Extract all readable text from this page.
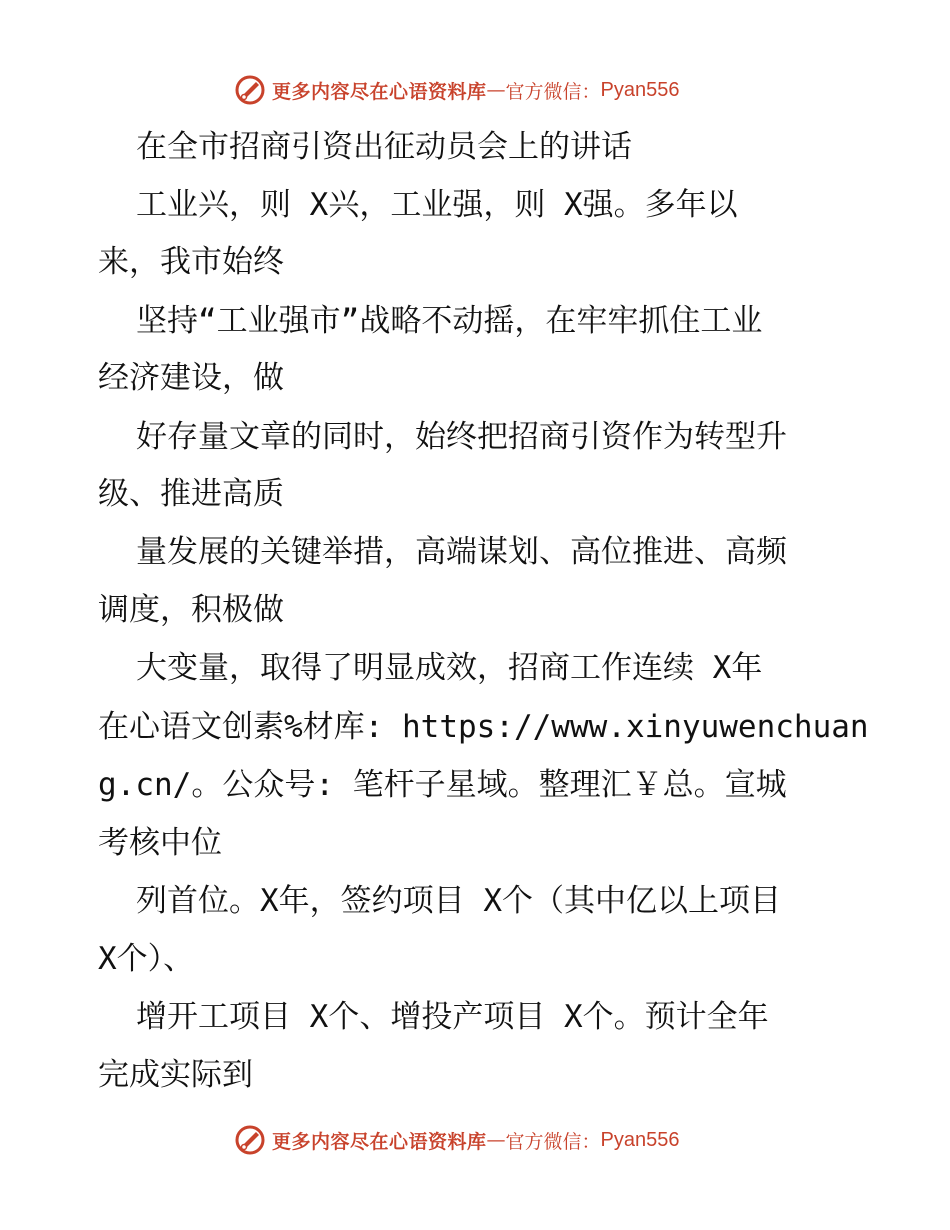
更多内容尽在心语资料库 — 官方微信 ： Pyan556
在全市招商引资出征动员会上的讲话
工业兴，则 X兴，工业强，则 X强。多年以
来，我市始终
坚持“工业强市”战略不动摇，在牢牢抓住工业
经济建设，做
好存量文章的同时，始终把招商引资作为转型升
级、推进高质
量发展的关键举措，高端谋划、高位推进、高频
调度，积极做
大变量，取得了明显成效，招商工作连续 X年
在心语文创素%材库: https://www.xinyuwenchuan
g.cn/。公众号: 笔杆子星域。整理汇￥总。宣城
考核中位
列首位。X年，签约项目 X个（其中亿以上项目
X个）、
增开工项目 X个、增投产项目 X个。预计全年
完成实际到
更多内容尽在心语资料库 — 官方微信 ： Pyan556
